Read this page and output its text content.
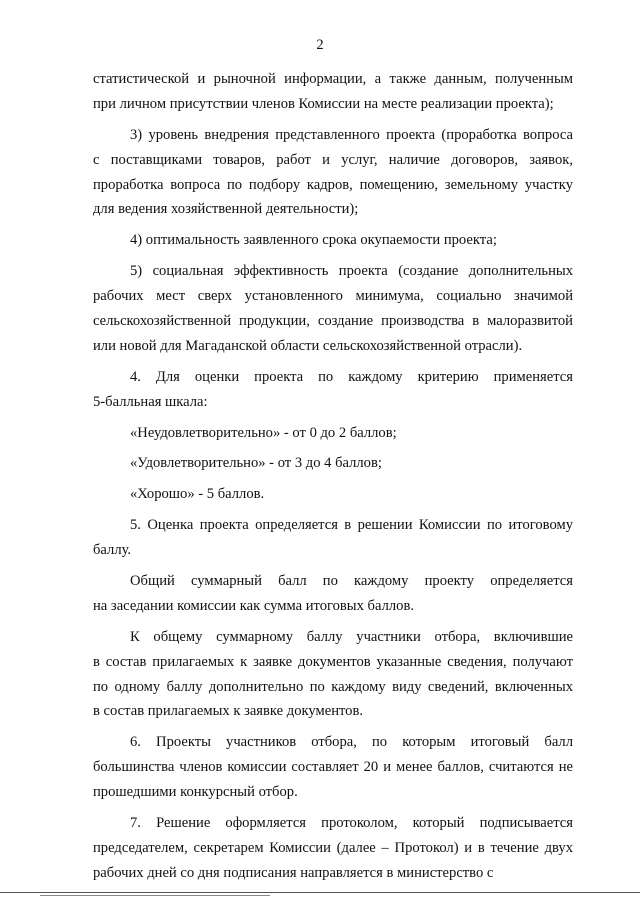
2
статистической и рыночной информации, а также данным, полученным
при личном присутствии членов Комиссии на месте реализации проекта);
3) уровень внедрения представленного проекта (проработка вопроса
с поставщиками товаров, работ и услуг, наличие договоров, заявок,
проработка вопроса по подбору кадров, помещению, земельному участку
для ведения хозяйственной деятельности);
4) оптимальность заявленного срока окупаемости проекта;
5) социальная эффективность проекта (создание дополнительных
рабочих мест сверх установленного минимума, социально значимой
сельскохозяйственной продукции, создание производства в малоразвитой
или новой для Магаданской области сельскохозяйственной отрасли).
4. Для оценки проекта по каждому критерию применяется
5-балльная шкала:
«Неудовлетворительно» - от 0 до 2 баллов;
«Удовлетворительно» - от 3 до 4 баллов;
«Хорошо» - 5 баллов.
5. Оценка проекта определяется в решении Комиссии по итоговому
баллу.
Общий суммарный балл по каждому проекту определяется
на заседании комиссии как сумма итоговых баллов.
К общему суммарному баллу участники отбора, включившие
в состав прилагаемых к заявке документов указанные сведения, получают
по одному баллу дополнительно по каждому виду сведений, включенных
в состав прилагаемых к заявке документов.
6. Проекты участников отбора, по которым итоговый балл
большинства членов комиссии составляет 20 и менее баллов, считаются не
прошедшими конкурсный отбор.
7. Решение оформляется протоколом, который подписывается
председателем, секретарем Комиссии (далее – Протокол) и в течение двух
рабочих дней со дня подписания направляется в министерство с
